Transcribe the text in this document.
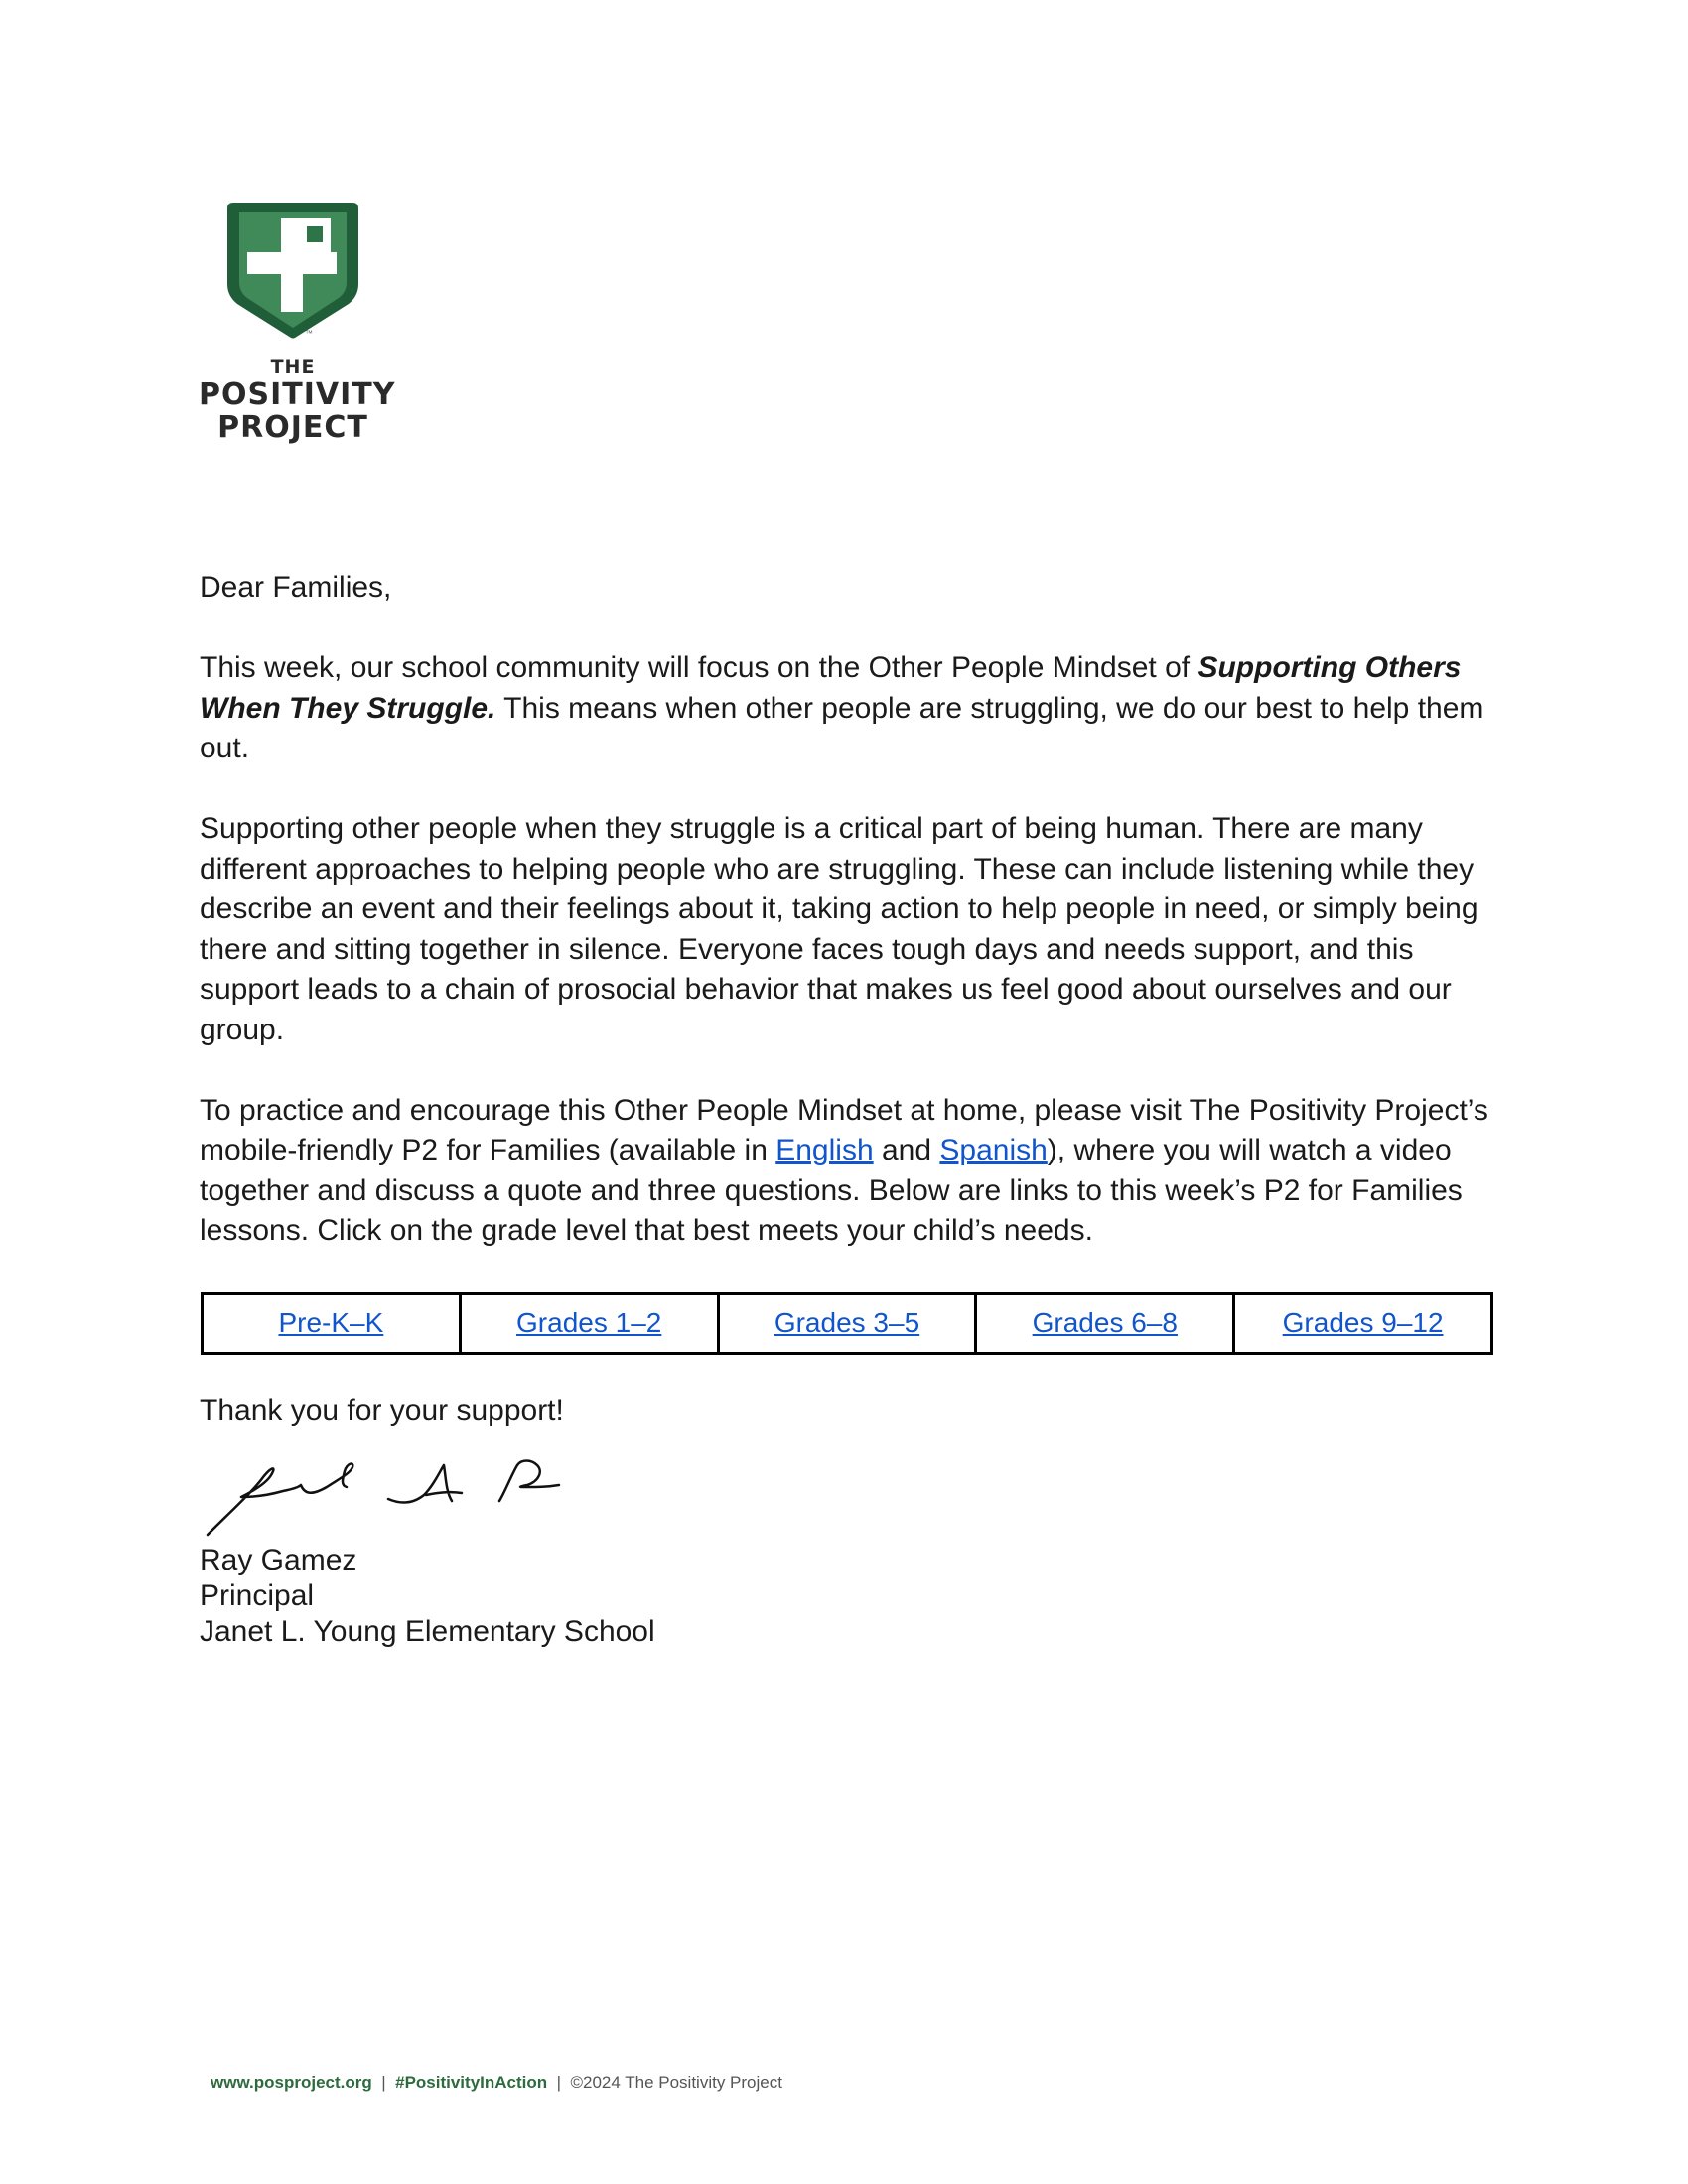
™
THE
POSITIVITY
PROJECT

Dear Families,

This week, our school community will focus on the Other People Mindset of Supporting Others When They Struggle. This means when other people are struggling, we do our best to help them out.

Supporting other people when they struggle is a critical part of being human. There are many different approaches to helping people who are struggling. These can include listening while they describe an event and their feelings about it, taking action to help people in need, or simply being there and sitting together in silence. Everyone faces tough days and needs support, and this support leads to a chain of prosocial behavior that makes us feel good about ourselves and our group.

To practice and encourage this Other People Mindset at home, please visit The Positivity Project’s mobile-friendly P2 for Families (available in English and Spanish), where you will watch a video together and discuss a quote and three questions. Below are links to this week’s P2 for Families lessons. Click on the grade level that best meets your child’s needs.

Pre-K–K	Grades 1–2	Grades 3–5	Grades 6–8	Grades 9–12
Thank you for your support!
Ray Gamez
Principal
Janet L. Young Elementary School
www.posproject.org | #PositivityInAction | ©2024 The Positivity Project
